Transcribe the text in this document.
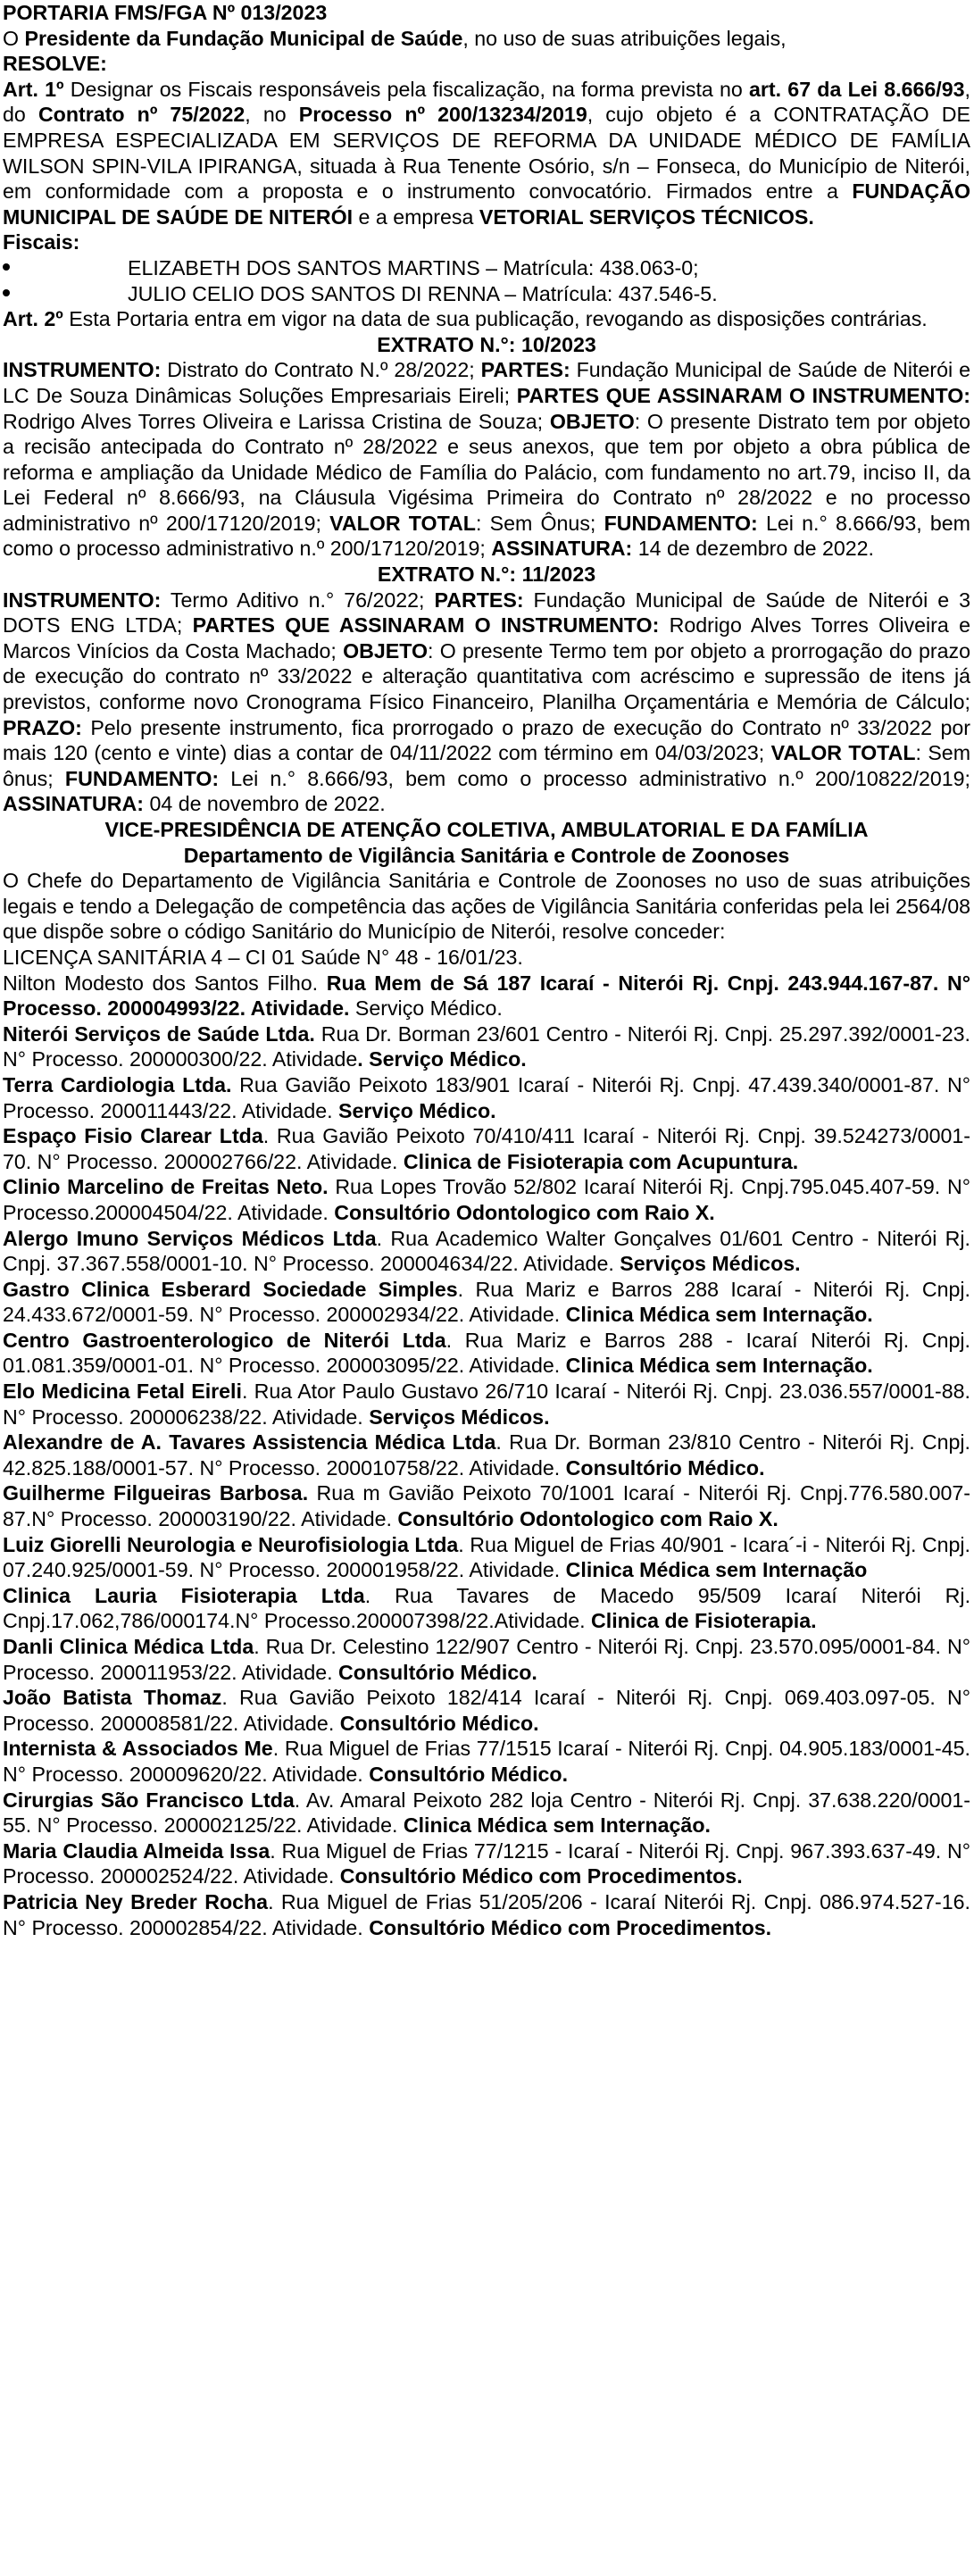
PORTARIA FMS/FGA Nº 013/2023

O Presidente da Fundação Municipal de Saúde, no uso de suas atribuições legais,

RESOLVE:

Art. 1º Designar os Fiscais responsáveis pela fiscalização, na forma prevista no art. 67 da Lei 8.666/93, do Contrato nº 75/2022, no Processo nº 200/13234/2019, cujo objeto é a CONTRATAÇÃO DE EMPRESA ESPECIALIZADA EM SERVIÇOS DE REFORMA DA UNIDADE MÉDICO DE FAMÍLIA WILSON SPIN-VILA IPIRANGA, situada à Rua Tenente Osório, s/n – Fonseca, do Município de Niterói, em conformidade com a proposta e o instrumento convocatório. Firmados entre a FUNDAÇÃO MUNICIPAL DE SAÚDE DE NITERÓI e a empresa VETORIAL SERVIÇOS TÉCNICOS.

Fiscais:

ELIZABETH DOS SANTOS MARTINS – Matrícula: 438.063-0;
JULIO CELIO DOS SANTOS DI RENNA – Matrícula: 437.546-5.

Art. 2º Esta Portaria entra em vigor na data de sua publicação, revogando as disposições contrárias.

EXTRATO N.°: 10/2023

INSTRUMENTO: Distrato do Contrato N.º 28/2022; PARTES: Fundação Municipal de Saúde de Niterói e LC De Souza Dinâmicas Soluções Empresariais Eireli; PARTES QUE ASSINARAM O INSTRUMENTO: Rodrigo Alves Torres Oliveira e Larissa Cristina de Souza; OBJETO: O presente Distrato tem por objeto a recisão antecipada do Contrato nº 28/2022 e seus anexos, que tem por objeto a obra pública de reforma e ampliação da Unidade Médico de Família do Palácio, com fundamento no art.79, inciso II, da Lei Federal nº 8.666/93, na Cláusula Vigésima Primeira do Contrato nº 28/2022 e no processo administrativo nº 200/17120/2019; VALOR TOTAL: Sem Ônus; FUNDAMENTO: Lei n.° 8.666/93, bem como o processo administrativo n.º 200/17120/2019; ASSINATURA: 14 de dezembro de 2022.

EXTRATO N.°: 11/2023

INSTRUMENTO: Termo Aditivo n.° 76/2022; PARTES: Fundação Municipal de Saúde de Niterói e 3 DOTS ENG LTDA; PARTES QUE ASSINARAM O INSTRUMENTO: Rodrigo Alves Torres Oliveira e Marcos Vinícios da Costa Machado; OBJETO: O presente Termo tem por objeto a prorrogação do prazo de execução do contrato nº 33/2022 e alteração quantitativa com acréscimo e supressão de itens já previstos, conforme novo Cronograma Físico Financeiro, Planilha Orçamentária e Memória de Cálculo; PRAZO: Pelo presente instrumento, fica prorrogado o prazo de execução do Contrato nº 33/2022 por mais 120 (cento e vinte) dias a contar de 04/11/2022 com término em 04/03/2023; VALOR TOTAL: Sem ônus; FUNDAMENTO: Lei n.° 8.666/93, bem como o processo administrativo n.º 200/10822/2019; ASSINATURA: 04 de novembro de 2022.

VICE-PRESIDÊNCIA DE ATENÇÃO COLETIVA, AMBULATORIAL E DA FAMÍLIA

Departamento de Vigilância Sanitária e Controle de Zoonoses

O Chefe do Departamento de Vigilância Sanitária e Controle de Zoonoses no uso de suas atribuições legais e tendo a Delegação de competência das ações de Vigilância Sanitária conferidas pela lei 2564/08 que dispõe sobre o código Sanitário do Município de Niterói, resolve conceder:

LICENÇA SANITÁRIA 4 – CI 01 Saúde N° 48 - 16/01/23.

Nilton Modesto dos Santos Filho. Rua Mem de Sá 187 Icaraí - Niterói Rj. Cnpj. 243.944.167-87. N° Processo. 200004993/22. Atividade. Serviço Médico.

Niterói Serviços de Saúde Ltda. Rua Dr. Borman 23/601 Centro - Niterói Rj. Cnpj. 25.297.392/0001-23. N° Processo. 200000300/22. Atividade. Serviço Médico.

Terra Cardiologia Ltda. Rua Gavião Peixoto 183/901 Icaraí - Niterói Rj. Cnpj. 47.439.340/0001-87. N° Processo. 200011443/22. Atividade. Serviço Médico.

Espaço Fisio Clarear Ltda. Rua Gavião Peixoto 70/410/411 Icaraí - Niterói Rj. Cnpj. 39.524273/0001-70. N° Processo. 200002766/22. Atividade. Clinica de Fisioterapia com Acupuntura.

Clinio Marcelino de Freitas Neto. Rua Lopes Trovão 52/802 Icaraí Niterói Rj. Cnpj.795.045.407-59. N° Processo.200004504/22. Atividade. Consultório Odontologico com Raio X.

Alergo Imuno Serviços Médicos Ltda. Rua Academico Walter Gonçalves 01/601 Centro - Niterói Rj. Cnpj. 37.367.558/0001-10. N° Processo. 200004634/22. Atividade. Serviços Médicos.

Gastro Clinica Esberard Sociedade Simples. Rua Mariz e Barros 288 Icaraí - Niterói Rj. Cnpj. 24.433.672/0001-59. N° Processo. 200002934/22. Atividade. Clinica Médica sem Internação.

Centro Gastroenterologico de Niterói Ltda. Rua Mariz e Barros 288 - Icaraí Niterói Rj. Cnpj. 01.081.359/0001-01. N° Processo. 200003095/22. Atividade. Clinica Médica sem Internação.

Elo Medicina Fetal Eireli. Rua Ator Paulo Gustavo 26/710 Icaraí - Niterói Rj. Cnpj. 23.036.557/0001-88. N° Processo. 200006238/22. Atividade. Serviços Médicos.

Alexandre de A. Tavares Assistencia Médica Ltda. Rua Dr. Borman 23/810 Centro - Niterói Rj. Cnpj. 42.825.188/0001-57. N° Processo. 200010758/22. Atividade. Consultório Médico.

Guilherme Filgueiras Barbosa. Rua m Gavião Peixoto 70/1001 Icaraí - Niterói Rj. Cnpj.776.580.007-87.N° Processo. 200003190/22. Atividade. Consultório Odontologico com Raio X.

Luiz Giorelli Neurologia e Neurofisiologia Ltda. Rua Miguel de Frias 40/901 - Icara´-i - Niterói Rj. Cnpj. 07.240.925/0001-59. N° Processo. 200001958/22. Atividade. Clinica Médica sem Internação

Clinica Lauria Fisioterapia Ltda. Rua Tavares de Macedo 95/509 Icaraí Niterói Rj. Cnpj.17.062,786/000174.N° Processo.200007398/22.Atividade. Clinica de Fisioterapia.

Danli Clinica Médica Ltda. Rua Dr. Celestino 122/907 Centro - Niterói Rj. Cnpj. 23.570.095/0001-84. N° Processo. 200011953/22. Atividade. Consultório Médico.

João Batista Thomaz. Rua Gavião Peixoto 182/414 Icaraí - Niterói Rj. Cnpj. 069.403.097-05. N° Processo. 200008581/22. Atividade. Consultório Médico.

Internista & Associados Me. Rua Miguel de Frias 77/1515 Icaraí - Niterói Rj. Cnpj. 04.905.183/0001-45. N° Processo. 200009620/22. Atividade. Consultório Médico.

Cirurgias São Francisco Ltda. Av. Amaral Peixoto 282 loja Centro - Niterói Rj. Cnpj. 37.638.220/0001-55. N° Processo. 200002125/22. Atividade. Clinica Médica sem Internação.

Maria Claudia Almeida Issa. Rua Miguel de Frias 77/1215 - Icaraí - Niterói Rj. Cnpj. 967.393.637-49. N° Processo. 200002524/22. Atividade. Consultório Médico com Procedimentos.

Patricia Ney Breder Rocha. Rua Miguel de Frias 51/205/206 - Icaraí Niterói Rj. Cnpj. 086.974.527-16. N° Processo. 200002854/22. Atividade. Consultório Médico com Procedimentos.
